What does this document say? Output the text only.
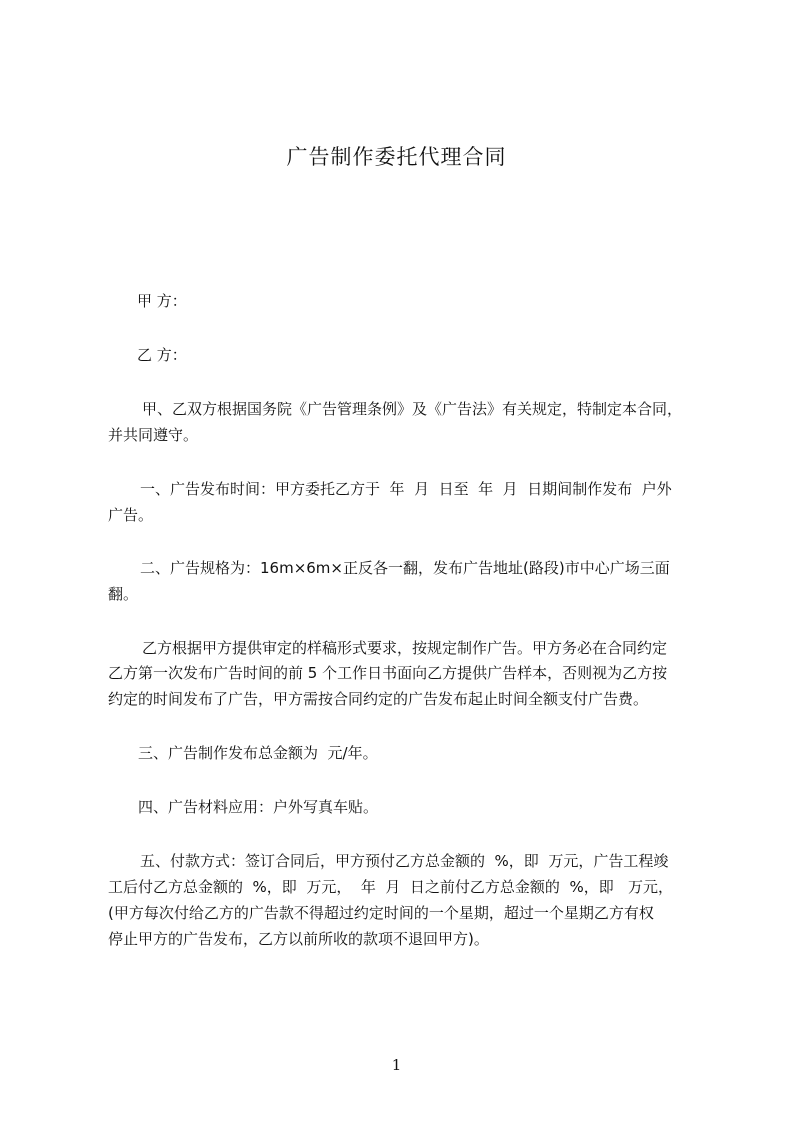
广告制作委托代理合同
甲 方：
乙 方：
甲、乙双方根据国务院《广告管理条例》及《广告法》有关规定，特制定本合同，
并共同遵守。
一、广告发布时间：甲方委托乙方于  年  月  日至  年  月  日期间制作发布  户外
广告。
二、广告规格为：16m×6m×正反各一翻，发布广告地址(路段)市中心广场三面
翻。
乙方根据甲方提供审定的样稿形式要求，按规定制作广告。甲方务必在合同约定
乙方第一次发布广告时间的前 5 个工作日书面向乙方提供广告样本，否则视为乙方按
约定的时间发布了广告，甲方需按合同约定的广告发布起止时间全额支付广告费。
三、广告制作发布总金额为  元/年。
四、广告材料应用：户外写真车贴。
五、付款方式：签订合同后，甲方预付乙方总金额的  %，即  万元，广告工程竣
工后付乙方总金额的  %，即  万元，  年  月  日之前付乙方总金额的  %，即   万元，
(甲方每次付给乙方的广告款不得超过约定时间的一个星期，超过一个星期乙方有权
停止甲方的广告发布，乙方以前所收的款项不退回甲方)。
1
